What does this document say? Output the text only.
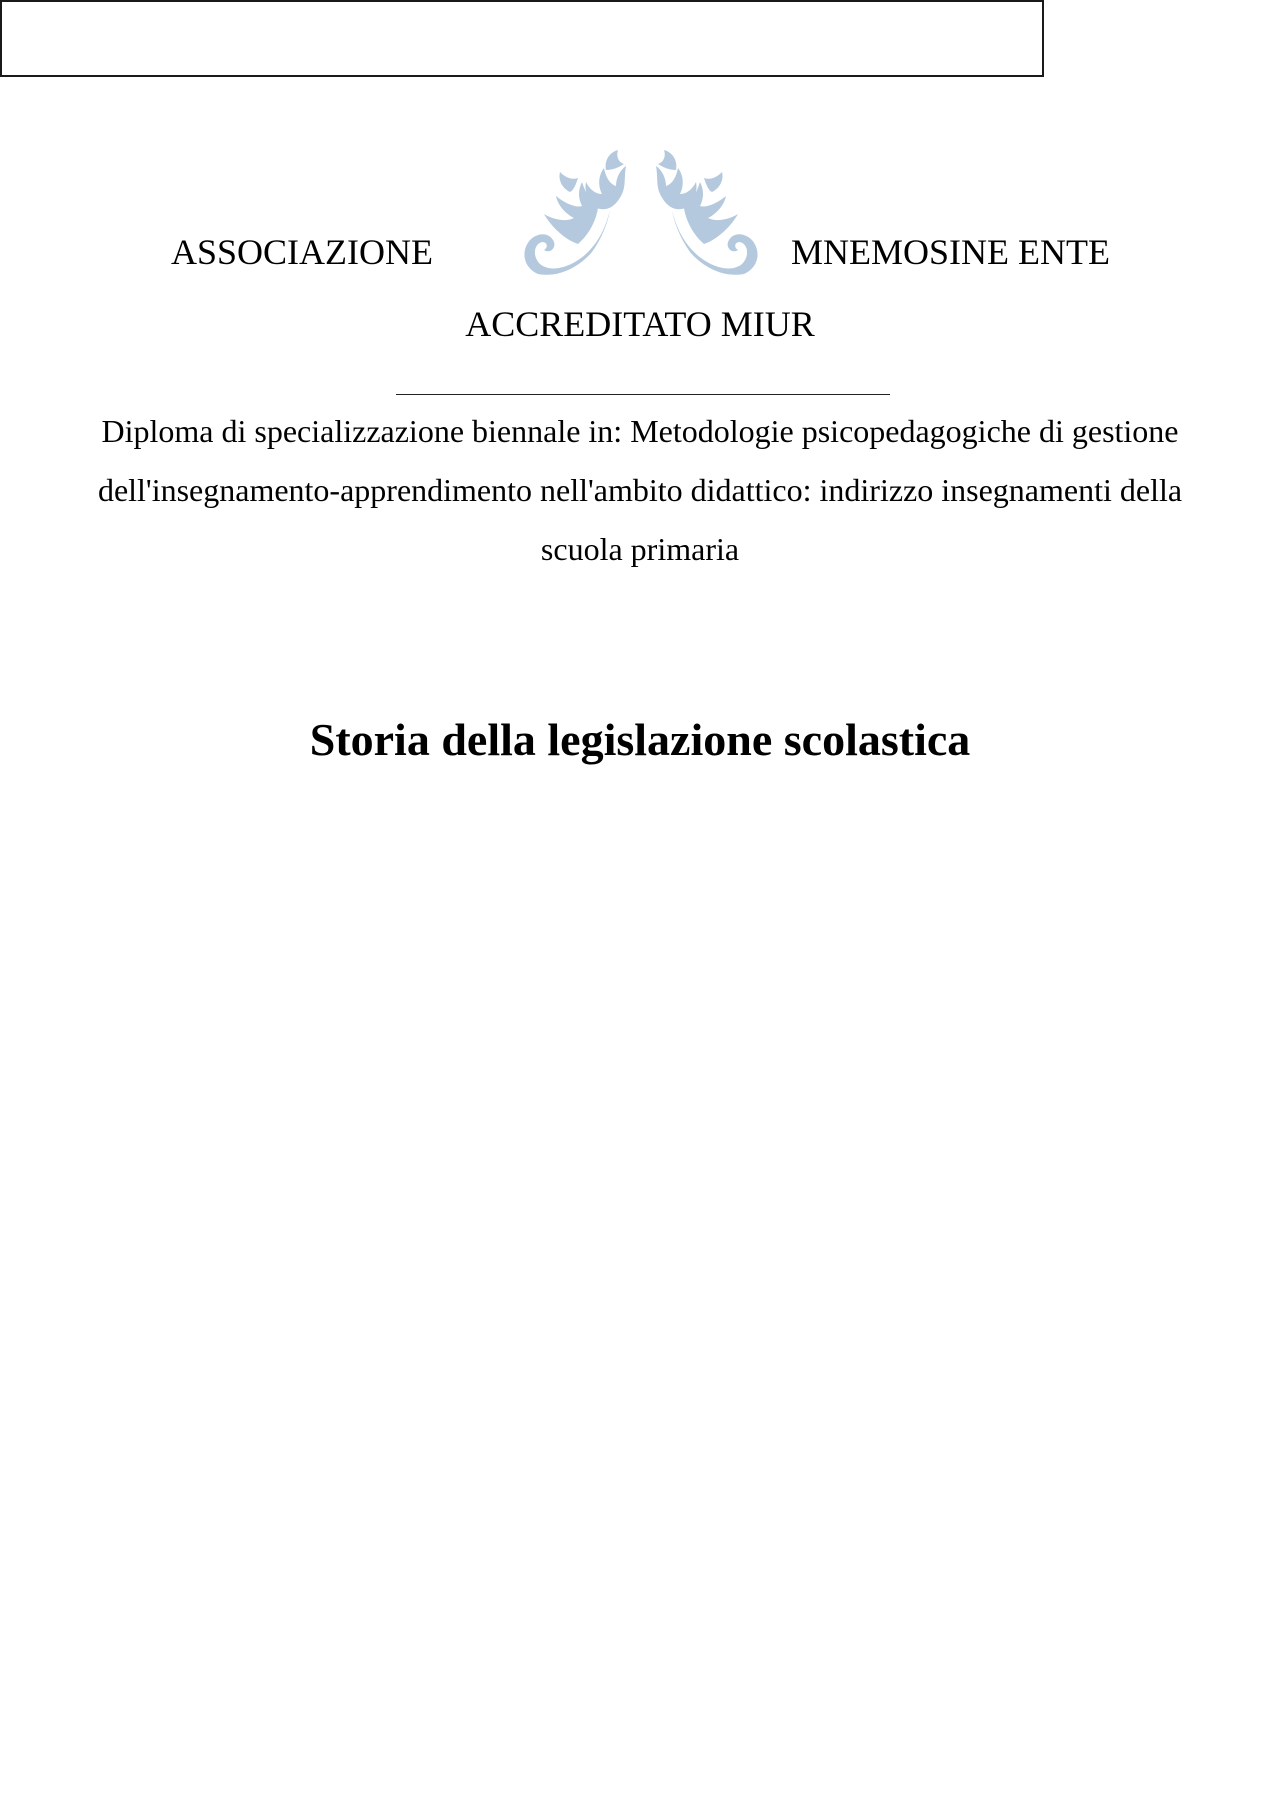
ASSOCIAZIONE	MNEMOSINE ENTE
ACCREDITATO MIUR
Diploma di specializzazione biennale in: Metodologie psicopedagogiche di gestione dell'insegnamento-apprendimento nell'ambito didattico: indirizzo insegnamenti della scuola primaria
Storia della legislazione scolastica
